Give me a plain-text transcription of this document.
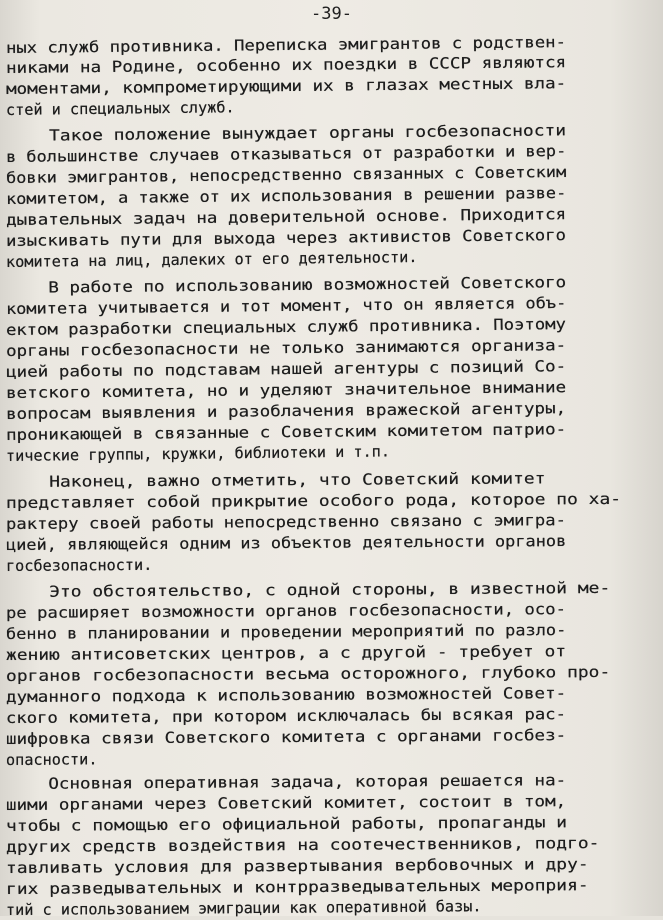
-39-
ных служб противника. Переписка эмигрантов с родствен-
никами на Родине, особенно их поездки в СССР являются
моментами, компрометирующими их в глазах местных вла-
стей и специальных служб.
Такое положение вынуждает органы госбезопасности
в большинстве случаев отказываться от разработки и вер-
бовки эмигрантов, непосредственно связанных с Советским
комитетом, а также от их использования в решении разве-
дывательных задач на доверительной основе. Приходится
изыскивать пути для выхода через активистов Советского
комитета на лиц, далеких от его деятельности.
В работе по использованию возможностей Советского
комитета учитывается и тот момент, что он является объ-
ектом разработки специальных служб противника. Поэтому
органы госбезопасности не только занимаются организа-
цией работы по подставам нашей агентуры с позиций Со-
ветского комитета, но и уделяют значительное внимание
вопросам выявления и разоблачения вражеской агентуры,
проникающей в связанные с Советским комитетом патрио-
тические группы, кружки, библиотеки и т.п.
Наконец, важно отметить, что Советский комитет
представляет собой прикрытие особого рода, которое по ха-
рактеру своей работы непосредственно связано с эмигра-
цией, являющейся одним из объектов деятельности органов
госбезопасности.
Это обстоятельство, с одной стороны, в известной ме-
ре расширяет возможности органов госбезопасности, осо-
бенно в планировании и проведении мероприятий по разло-
жению антисоветских центров, а с другой - требует от
органов госбезопасности весьма осторожного, глубоко про-
думанного подхода к использованию возможностей Совет-
ского комитета, при котором исключалась бы всякая рас-
шифровка связи Советского комитета с органами госбез-
опасности.
Основная оперативная задача, которая решается на-
шими органами через Советский комитет, состоит в том,
чтобы с помощью его официальной работы, пропаганды и
других средств воздействия на соотечественников, подго-
тавливать условия для развертывания вербовочных и дру-
гих разведывательных и контрразведывательных мероприя-
тий с использованием эмиграции как оперативной базы.
